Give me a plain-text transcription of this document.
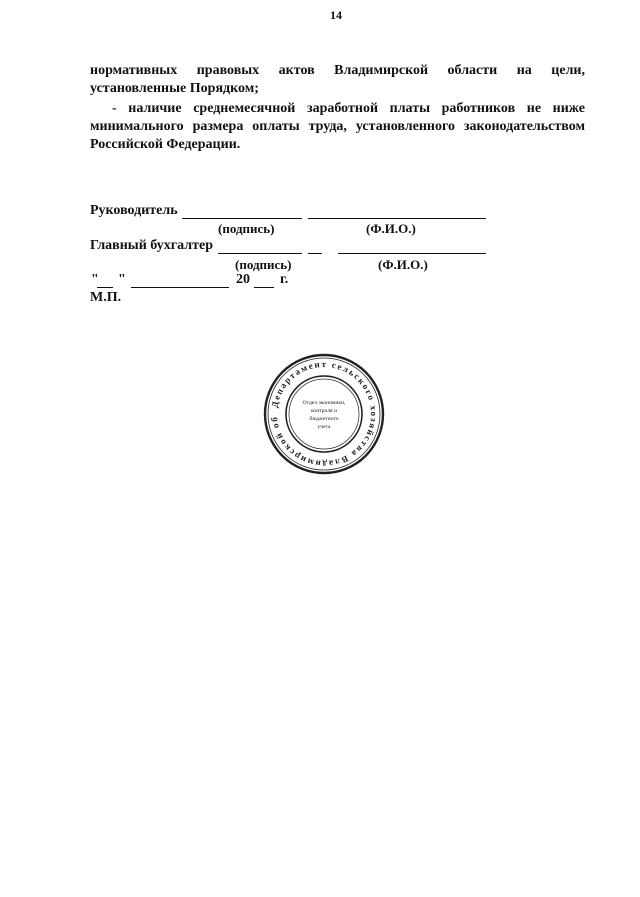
14
нормативных правовых актов Владимирской области на цели, установленные Порядком;
- наличие среднемесячной заработной платы работников не ниже минимального размера оплаты труда, установленного законодательством Российской Федерации.
Руководитель
(подпись)	(Ф.И.О.)
Главный бухгалтер
(подпись)	(Ф.И.О.)
" "	20 г.
М.П.
Департамент сельского хозяйства Владимирской об
Отдел экономики,
контроля и
бюджетного
учета
